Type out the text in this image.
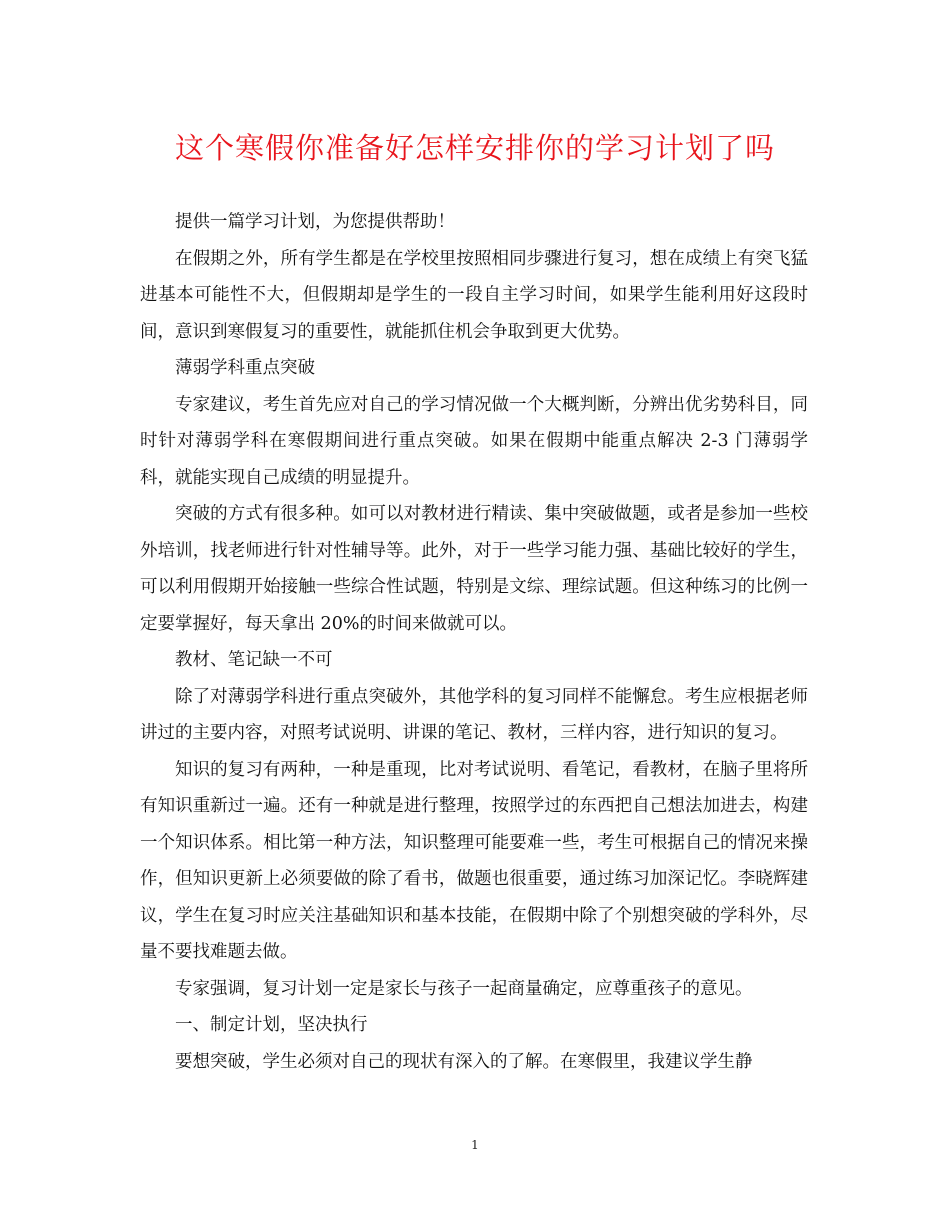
这个寒假你准备好怎样安排你的学习计划了吗

提供一篇学习计划，为您提供帮助！

在假期之外，所有学生都是在学校里按照相同步骤进行复习，想在成绩上有突飞猛进基本可能性不大，但假期却是学生的一段自主学习时间，如果学生能利用好这段时间，意识到寒假复习的重要性，就能抓住机会争取到更大优势。

薄弱学科重点突破

专家建议，考生首先应对自己的学习情况做一个大概判断，分辨出优劣势科目，同时针对薄弱学科在寒假期间进行重点突破。如果在假期中能重点解决 2-3 门薄弱学科，就能实现自己成绩的明显提升。

突破的方式有很多种。如可以对教材进行精读、集中突破做题，或者是参加一些校外培训，找老师进行针对性辅导等。此外，对于一些学习能力强、基础比较好的学生，可以利用假期开始接触一些综合性试题，特别是文综、理综试题。但这种练习的比例一定要掌握好，每天拿出 20%的时间来做就可以。

教材、笔记缺一不可

除了对薄弱学科进行重点突破外，其他学科的复习同样不能懈怠。考生应根据老师讲过的主要内容，对照考试说明、讲课的笔记、教材，三样内容，进行知识的复习。

知识的复习有两种，一种是重现，比对考试说明、看笔记，看教材，在脑子里将所有知识重新过一遍。还有一种就是进行整理，按照学过的东西把自己想法加进去，构建一个知识体系。相比第一种方法，知识整理可能要难一些，考生可根据自己的情况来操作，但知识更新上必须要做的除了看书，做题也很重要，通过练习加深记忆。李晓辉建议，学生在复习时应关注基础知识和基本技能，在假期中除了个别想突破的学科外，尽量不要找难题去做。

专家强调，复习计划一定是家长与孩子一起商量确定，应尊重孩子的意见。

一、制定计划，坚决执行

要想突破，学生必须对自己的现状有深入的了解。在寒假里，我建议学生静

1
